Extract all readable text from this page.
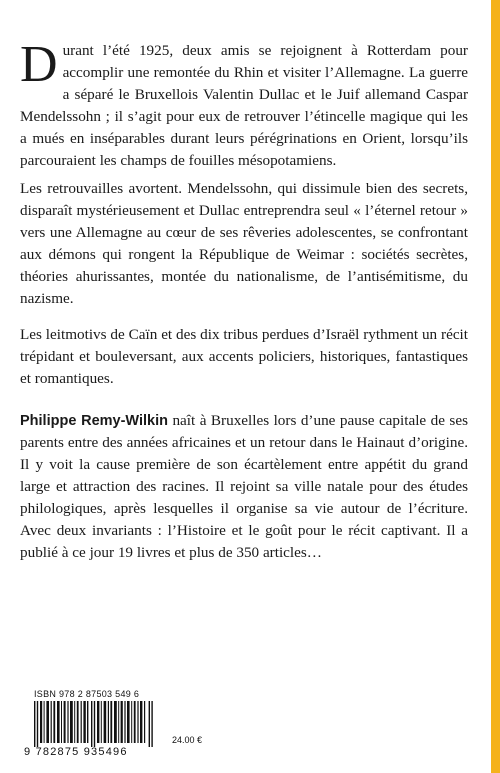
Durant l’été 1925, deux amis se rejoignent à Rotterdam pour accomplir une remontée du Rhin et visiter l’Allemagne. La guerre a séparé le Bruxellois Valentin Dullac et le Juif allemand Caspar Mendelssohn ; il s’agit pour eux de retrouver l’étincelle magique qui les a mués en inséparables durant leurs pérégrinations en Orient, lorsqu’ils parcouraient les champs de fouilles mésopotamiens.

Les retrouvailles avortent. Mendelssohn, qui dissimule bien des secrets, disparaît mystérieusement et Dullac entreprendra seul « l’éternel retour » vers une Allemagne au cœur de ses rêveries adolescentes, se confrontant aux démons qui rongent la République de Weimar : sociétés secrètes, théories ahurissantes, montée du nationalisme, de l’antisémitisme, du nazisme.

Les leitmotivs de Caïn et des dix tribus perdues d’Israël rythment un récit trépidant et bouleversant, aux accents policiers, historiques, fantastiques et romantiques.

Philippe Remy-Wilkin naît à Bruxelles lors d’une pause capitale de ses parents entre des années africaines et un retour dans le Hainaut d’origine. Il y voit la cause première de son écartèlement entre appétit du grand large et attraction des racines. Il rejoint sa ville natale pour des études philologiques, après lesquelles il organise sa vie autour de l’écriture. Avec deux invariants : l’Histoire et le goût pour le récit captivant. Il a publié à ce jour 19 livres et plus de 350 articles…

ISBN 978 2 87503 549 6
9 782875 935496
24.00 €
